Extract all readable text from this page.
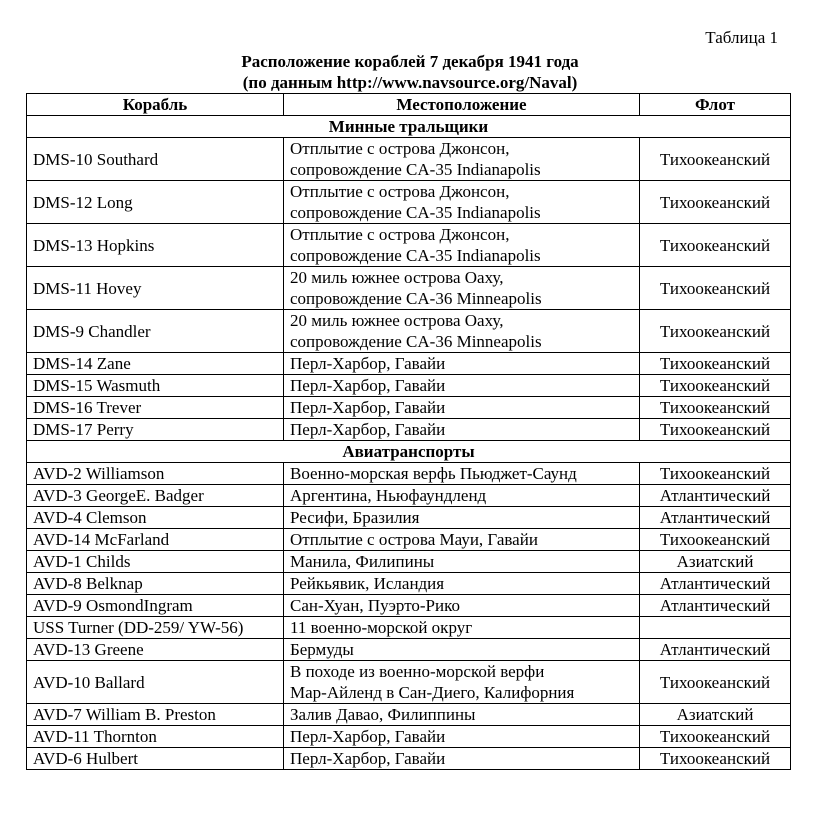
Таблица 1
Расположение кораблей 7 декабря 1941 года
(по данным http://www.navsource.org/Naval)
Корабль	Местоположение	Флот
Минные тральщики		
DMS-10 Southard	Отплытие с острова Джонсон,
сопровождение CA-35 Indianapolis	Тихоокеанский
DMS-12 Long	Отплытие с острова Джонсон,
сопровождение CA-35 Indianapolis	Тихоокеанский
DMS-13 Hopkins	Отплытие с острова Джонсон,
сопровождение CA-35 Indianapolis	Тихоокеанский
DMS-11 Hovey	20 миль южнее острова Оаху,
сопровождение CA-36 Minneapolis	Тихоокеанский
DMS-9 Chandler	20 миль южнее острова Оаху,
сопровождение CA-36 Minneapolis	Тихоокеанский
DMS-14 Zane	Перл-Харбор, Гавайи	Тихоокеанский
DMS-15 Wasmuth	Перл-Харбор, Гавайи	Тихоокеанский
DMS-16 Trever	Перл-Харбор, Гавайи	Тихоокеанский
DMS-17 Perry	Перл-Харбор, Гавайи	Тихоокеанский
Авиатранспорты		
AVD-2 Williamson	Военно-морская верфь Пьюджет-Саунд	Тихоокеанский
AVD-3 GeorgeE. Badger	Аргентина, Ньюфаундленд	Атлантический
AVD-4 Clemson	Ресифи, Бразилия	Атлантический
AVD-14 McFarland	Отплытие с острова Мауи, Гавайи	Тихоокеанский
AVD-1 Childs	Манила, Филипины	Азиатский
AVD-8 Belknap	Рейкьявик, Исландия	Атлантический
AVD-9 OsmondIngram	Сан-Хуан, Пуэрто-Рико	Атлантический
USS Turner (DD-259/ YW-56)	11 военно-морской округ	

AVD-13 Greene	Бермуды	Атлантический
AVD-10 Ballard	В походе из военно-морской верфи
Мар-Айленд в Сан-Диего, Калифорния	Тихоокеанский
AVD-7 William B. Preston	Залив Давао, Филиппины	Азиатский
AVD-11 Thornton	Перл-Харбор, Гавайи	Тихоокеанский
AVD-6 Hulbert	Перл-Харбор, Гавайи	Тихоокеанский
